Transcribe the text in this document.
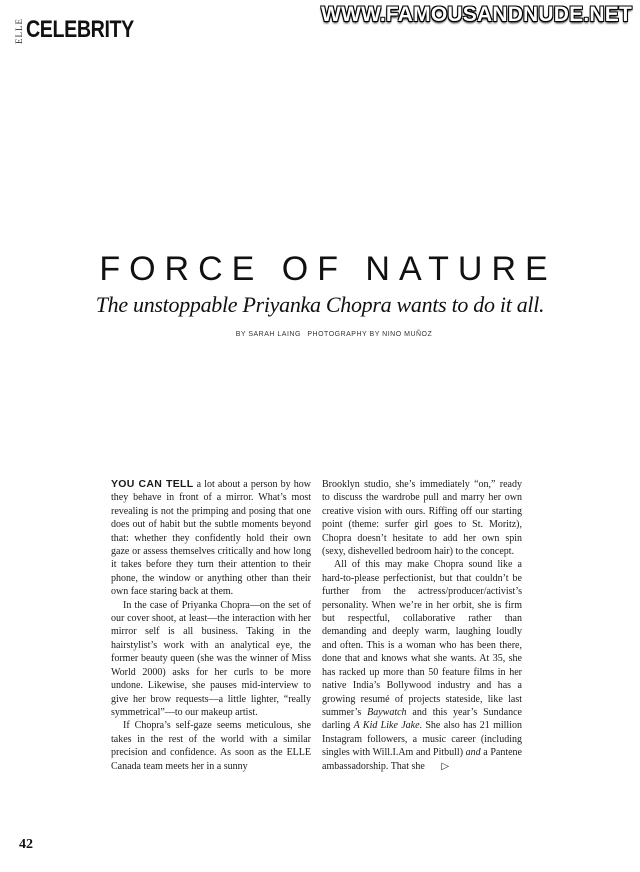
ELLE CELEBRITY
WWW.FAMOUSANDNUDE.NET
FORCE OF NATURE
The unstoppable Priyanka Chopra wants to do it all.
BY SARAH LAING PHOTOGRAPHY BY NINO MUÑOZ

YOU CAN TELL a lot about a person by how they behave in front of a mirror. What’s most revealing is not the primping and posing that one does out of habit but the subtle moments beyond that: whether they confidently hold their own gaze or assess themselves critically and how long it takes before they turn their attention to their phone, the window or anything other than their own face staring back at them.

In the case of Priyanka Chopra—on the set of our cover shoot, at least—the interaction with her mirror self is all business. Taking in the hairstylist’s work with an analytical eye, the former beauty queen (she was the winner of Miss World 2000) asks for her curls to be more undone. Likewise, she pauses mid-interview to give her brow requests—a little lighter, “really symmetrical”—to our makeup artist.

If Chopra’s self-gaze seems meticulous, she takes in the rest of the world with a similar precision and confidence. As soon as the ELLE Canada team meets her in a sunny

Brooklyn studio, she’s immediately “on,” ready to discuss the wardrobe pull and marry her own creative vision with ours. Riffing off our starting point (theme: surfer girl goes to St. Moritz), Chopra doesn’t hesitate to add her own spin (sexy, dishevelled bedroom hair) to the concept.

All of this may make Chopra sound like a hard-to-please perfectionist, but that couldn’t be further from the actress/producer/activist’s personality. When we’re in her orbit, she is firm but respectful, collaborative rather than demanding and deeply warm, laughing loudly and often. This is a woman who has been there, done that and knows what she wants. At 35, she has racked up more than 50 feature films in her native India’s Bollywood industry and has a growing resumé of projects stateside, like last summer’s Baywatch and this year’s Sundance darling A Kid Like Jake. She also has 21 million Instagram followers, a music career (including singles with Will.I.Am and Pitbull) and a Pantene ambassadorship. That she ▷

42
